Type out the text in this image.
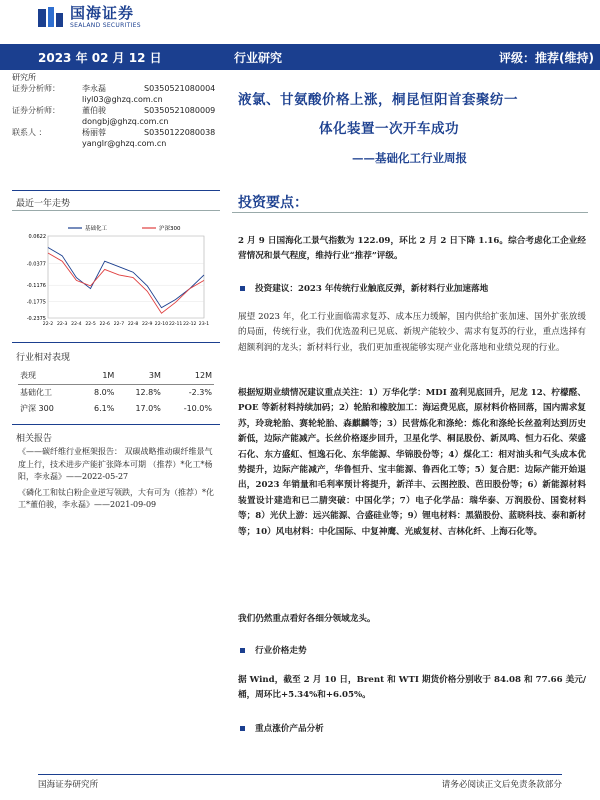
国海证券
SEALAND SECURITIES
2023 年 02 月 12 日	行业研究	评级：推荐(维持)
研究所
证券分析师：	李永磊	S0350521080004
liyl03@ghzq.com.cn
证券分析师：	董伯骏	S0350521080009
dongbj@ghzq.com.cn
联系人 ：	杨丽蓉	S0350122080038
yanglr@ghzq.com.cn
最近一年走势
0.0622
-0.0377
-0.1176
-0.1775
-0.2375
22-2 22-3 22-4 22-5 22-6 22-7 22-8 22-9 22-10 22-11 22-12 23-1
基础化工	沪深300
行业相对表现
表现	1M	3M	12M
基础化工	8.0%	12.8%	-2.3%
沪深 300	6.1%	17.0%	-10.0%
相关报告

《——碳纤维行业框架报告： 双碳战略推动碳纤维景气度上行，技术进步产能扩张降本可期 （推荐）*化工*杨阳，李永磊》——2022-05-27

《磷化工和钛白粉企业逆写领跌，大有可为（推荐）*化工*董伯骏，李永磊》——2021-09-09

液氯、甘氨酸价格上涨，桐昆恒阳首套聚纺一
体化装置一次开车成功
——基础化工行业周报
投资要点：
2 月 9 日国海化工景气指数为 122.09，环比 2 月 2 日下降 1.16。综合考虑化工企业经营情况和景气程度，维持行业“推荐”评级。
投资建议：2023 年传统行业触底反弹，新材料行业加速落地
展望 2023 年，化工行业面临需求复苏、成本压力缓解，国内供给扩张加速、国外扩张放缓的局面，传统行业，我们优选盈利已见底、新规产能较少、需求有复苏的行业，重点选择有超额利润的龙头；新材料行业，我们更加重视能够实现产业化落地和业绩兑现的行业。
根据短期业绩情况建议重点关注：1）万华化学：MDI 盈利见底回升，尼龙 12、柠檬醛、POE 等新材料持续加码；2）轮胎和橡胶加工：海运费见底，原材料价格回落，国内需求复苏，玲珑轮胎、赛轮轮胎、森麒麟等；3）民营炼化和涤纶：炼化和涤纶长丝盈利达到历史新低，边际产能减产。长丝价格逐步回升，卫星化学、桐昆股份、新凤鸣、恒力石化、荣盛石化、东方盛虹、恒逸石化、东华能源、华锦股份等；4）煤化工：相对油头和气头成本优势提升，边际产能减产，华鲁恒升、宝丰能源、鲁西化工等；5）复合肥：边际产能开始退出，2023 年销量和毛利率预计将提升，新洋丰、云图控股、芭田股份等；6）新能源材料装置设计建造和已二腈突破：中国化学；7）电子化学品：瑞华泰、万润股份、国瓷材料等；8）光伏上游：远兴能源、合盛硅业等；9）锂电材料：黑猫股份、蓝晓科技、泰和新材等；10）风电材料：中化国际、中复神鹰、光威复材、吉林化纤、上海石化等。
我们仍然重点看好各细分领域龙头。
行业价格走势
据 Wind，截至 2 月 10 日，Brent 和 WTI 期货价格分别收于 84.08 和 77.66 美元/桶，周环比+5.34%和+6.05%。
重点涨价产品分析
国海证券研究所	请务必阅读正文后免责条款部分
